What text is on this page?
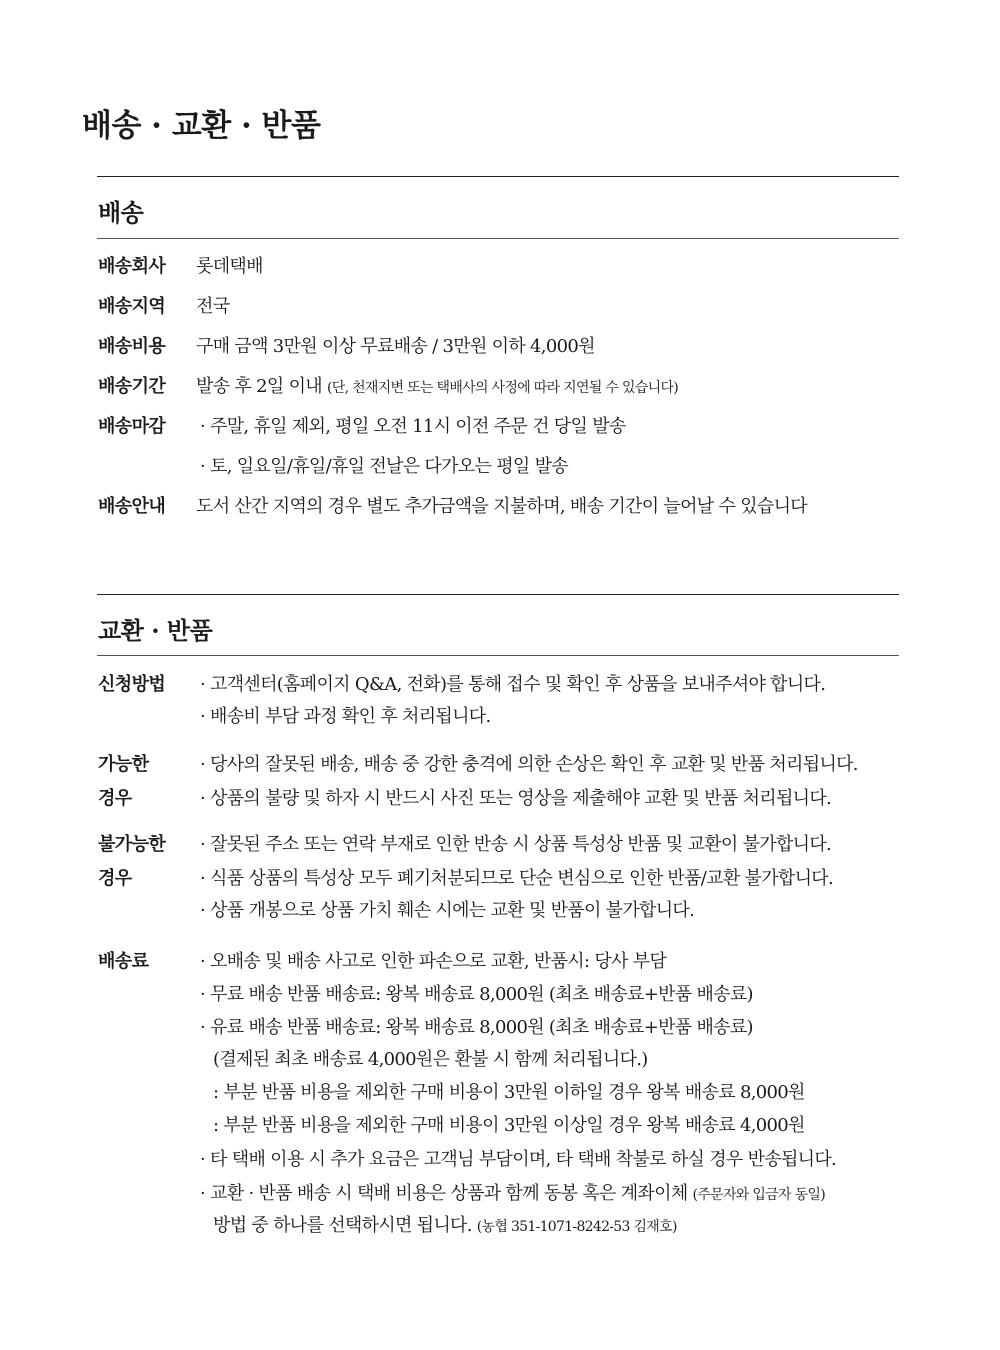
배송 · 교환 · 반품
배송
배송회사 롯데택배
배송지역 전국
배송비용 구매 금액 3만원 이상 무료배송 / 3만원 이하 4,000원
배송기간 발송 후 2일 이내 (단, 천재지변 또는 택배사의 사정에 따라 지연될 수 있습니다)
배송마감 · 주말, 휴일 제외, 평일 오전 11시 이전 주문 건 당일 발송
· 토, 일요일/휴일/휴일 전날은 다가오는 평일 발송
배송안내 도서 산간 지역의 경우 별도 추가금액을 지불하며, 배송 기간이 늘어날 수 있습니다
교환 · 반품
신청방법 · 고객센터(홈페이지 Q&A, 전화)를 통해 접수 및 확인 후 상품을 보내주셔야 합니다.
· 배송비 부담 과정 확인 후 처리됩니다.
가능한
경우
· 당사의 잘못된 배송, 배송 중 강한 충격에 의한 손상은 확인 후 교환 및 반품 처리됩니다.
· 상품의 불량 및 하자 시 반드시 사진 또는 영상을 제출해야 교환 및 반품 처리됩니다.
불가능한
경우
· 잘못된 주소 또는 연락 부재로 인한 반송 시 상품 특성상 반품 및 교환이 불가합니다.
· 식품 상품의 특성상 모두 폐기처분되므로 단순 변심으로 인한 반품/교환 불가합니다.
· 상품 개봉으로 상품 가치 훼손 시에는 교환 및 반품이 불가합니다.
배송료	· 오배송 및 배송 사고로 인한 파손으로 교환, 반품시: 당사 부담
· 무료 배송 반품 배송료: 왕복 배송료 8,000원 (최초 배송료+반품 배송료)
· 유료 배송 반품 배송료: 왕복 배송료 8,000원 (최초 배송료+반품 배송료)
(결제된 최초 배송료 4,000원은 환불 시 함께 처리됩니다.)
: 부분 반품 비용을 제외한 구매 비용이 3만원 이하일 경우 왕복 배송료 8,000원
: 부분 반품 비용을 제외한 구매 비용이 3만원 이상일 경우 왕복 배송료 4,000원
· 타 택배 이용 시 추가 요금은 고객님 부담이며, 타 택배 착불로 하실 경우 반송됩니다.
· 교환 · 반품 배송 시 택배 비용은 상품과 함께 동봉 혹은 계좌이체 (주문자와 입금자 동일)
방법 중 하나를 선택하시면 됩니다. (농협 351-1071-8242-53 김재호)
